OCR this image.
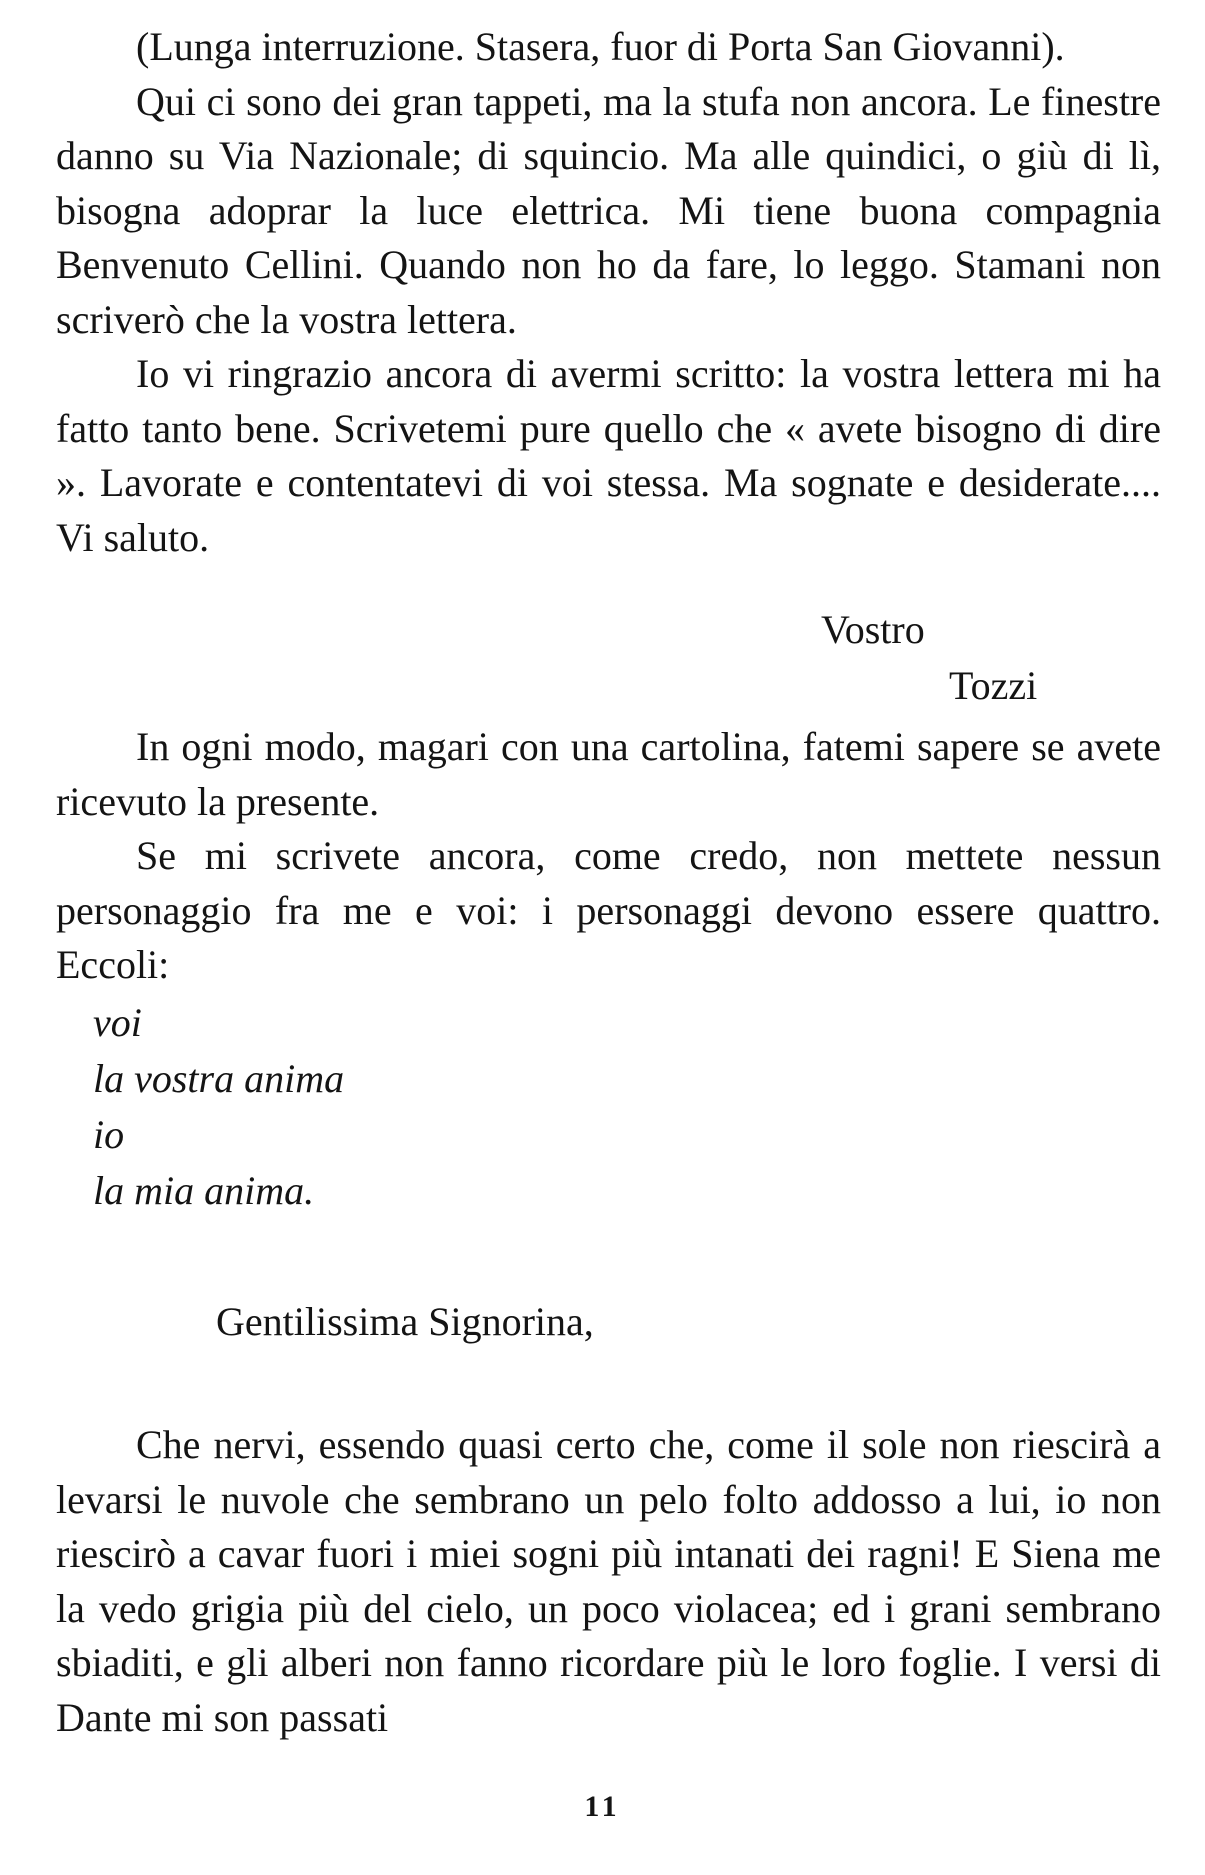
(Lunga interruzione. Stasera, fuor di Porta San Giovanni).

Qui ci sono dei gran tappeti, ma la stufa non ancora. Le finestre danno su Via Nazionale; di squincio. Ma alle quindici, o giù di lì, bisogna adoprar la luce elettrica. Mi tiene buona compagnia Benvenuto Cellini. Quando non ho da fare, lo leggo. Stamani non scriverò che la vostra lettera.

Io vi ringrazio ancora di avermi scritto: la vostra lettera mi ha fatto tanto bene. Scrivetemi pure quello che « avete bisogno di dire ». Lavorate e contentatevi di voi stessa. Ma sognate e desiderate.... Vi saluto.

Vostro

Tozzi

In ogni modo, magari con una cartolina, fatemi sapere se avete ricevuto la presente.

Se mi scrivete ancora, come credo, non mettete nessun personaggio fra me e voi: i personaggi devono essere quattro. Eccoli:

voi
la vostra anima
io
la mia anima.

Gentilissima Signorina,

Che nervi, essendo quasi certo che, come il sole non riescirà a levarsi le nuvole che sembrano un pelo folto addosso a lui, io non riescirò a cavar fuori i miei sogni più intanati dei ragni! E Siena me la vedo grigia più del cielo, un poco violacea; ed i grani sembrano sbiaditi, e gli alberi non fanno ricordare più le loro foglie. I versi di Dante mi son passati

11
